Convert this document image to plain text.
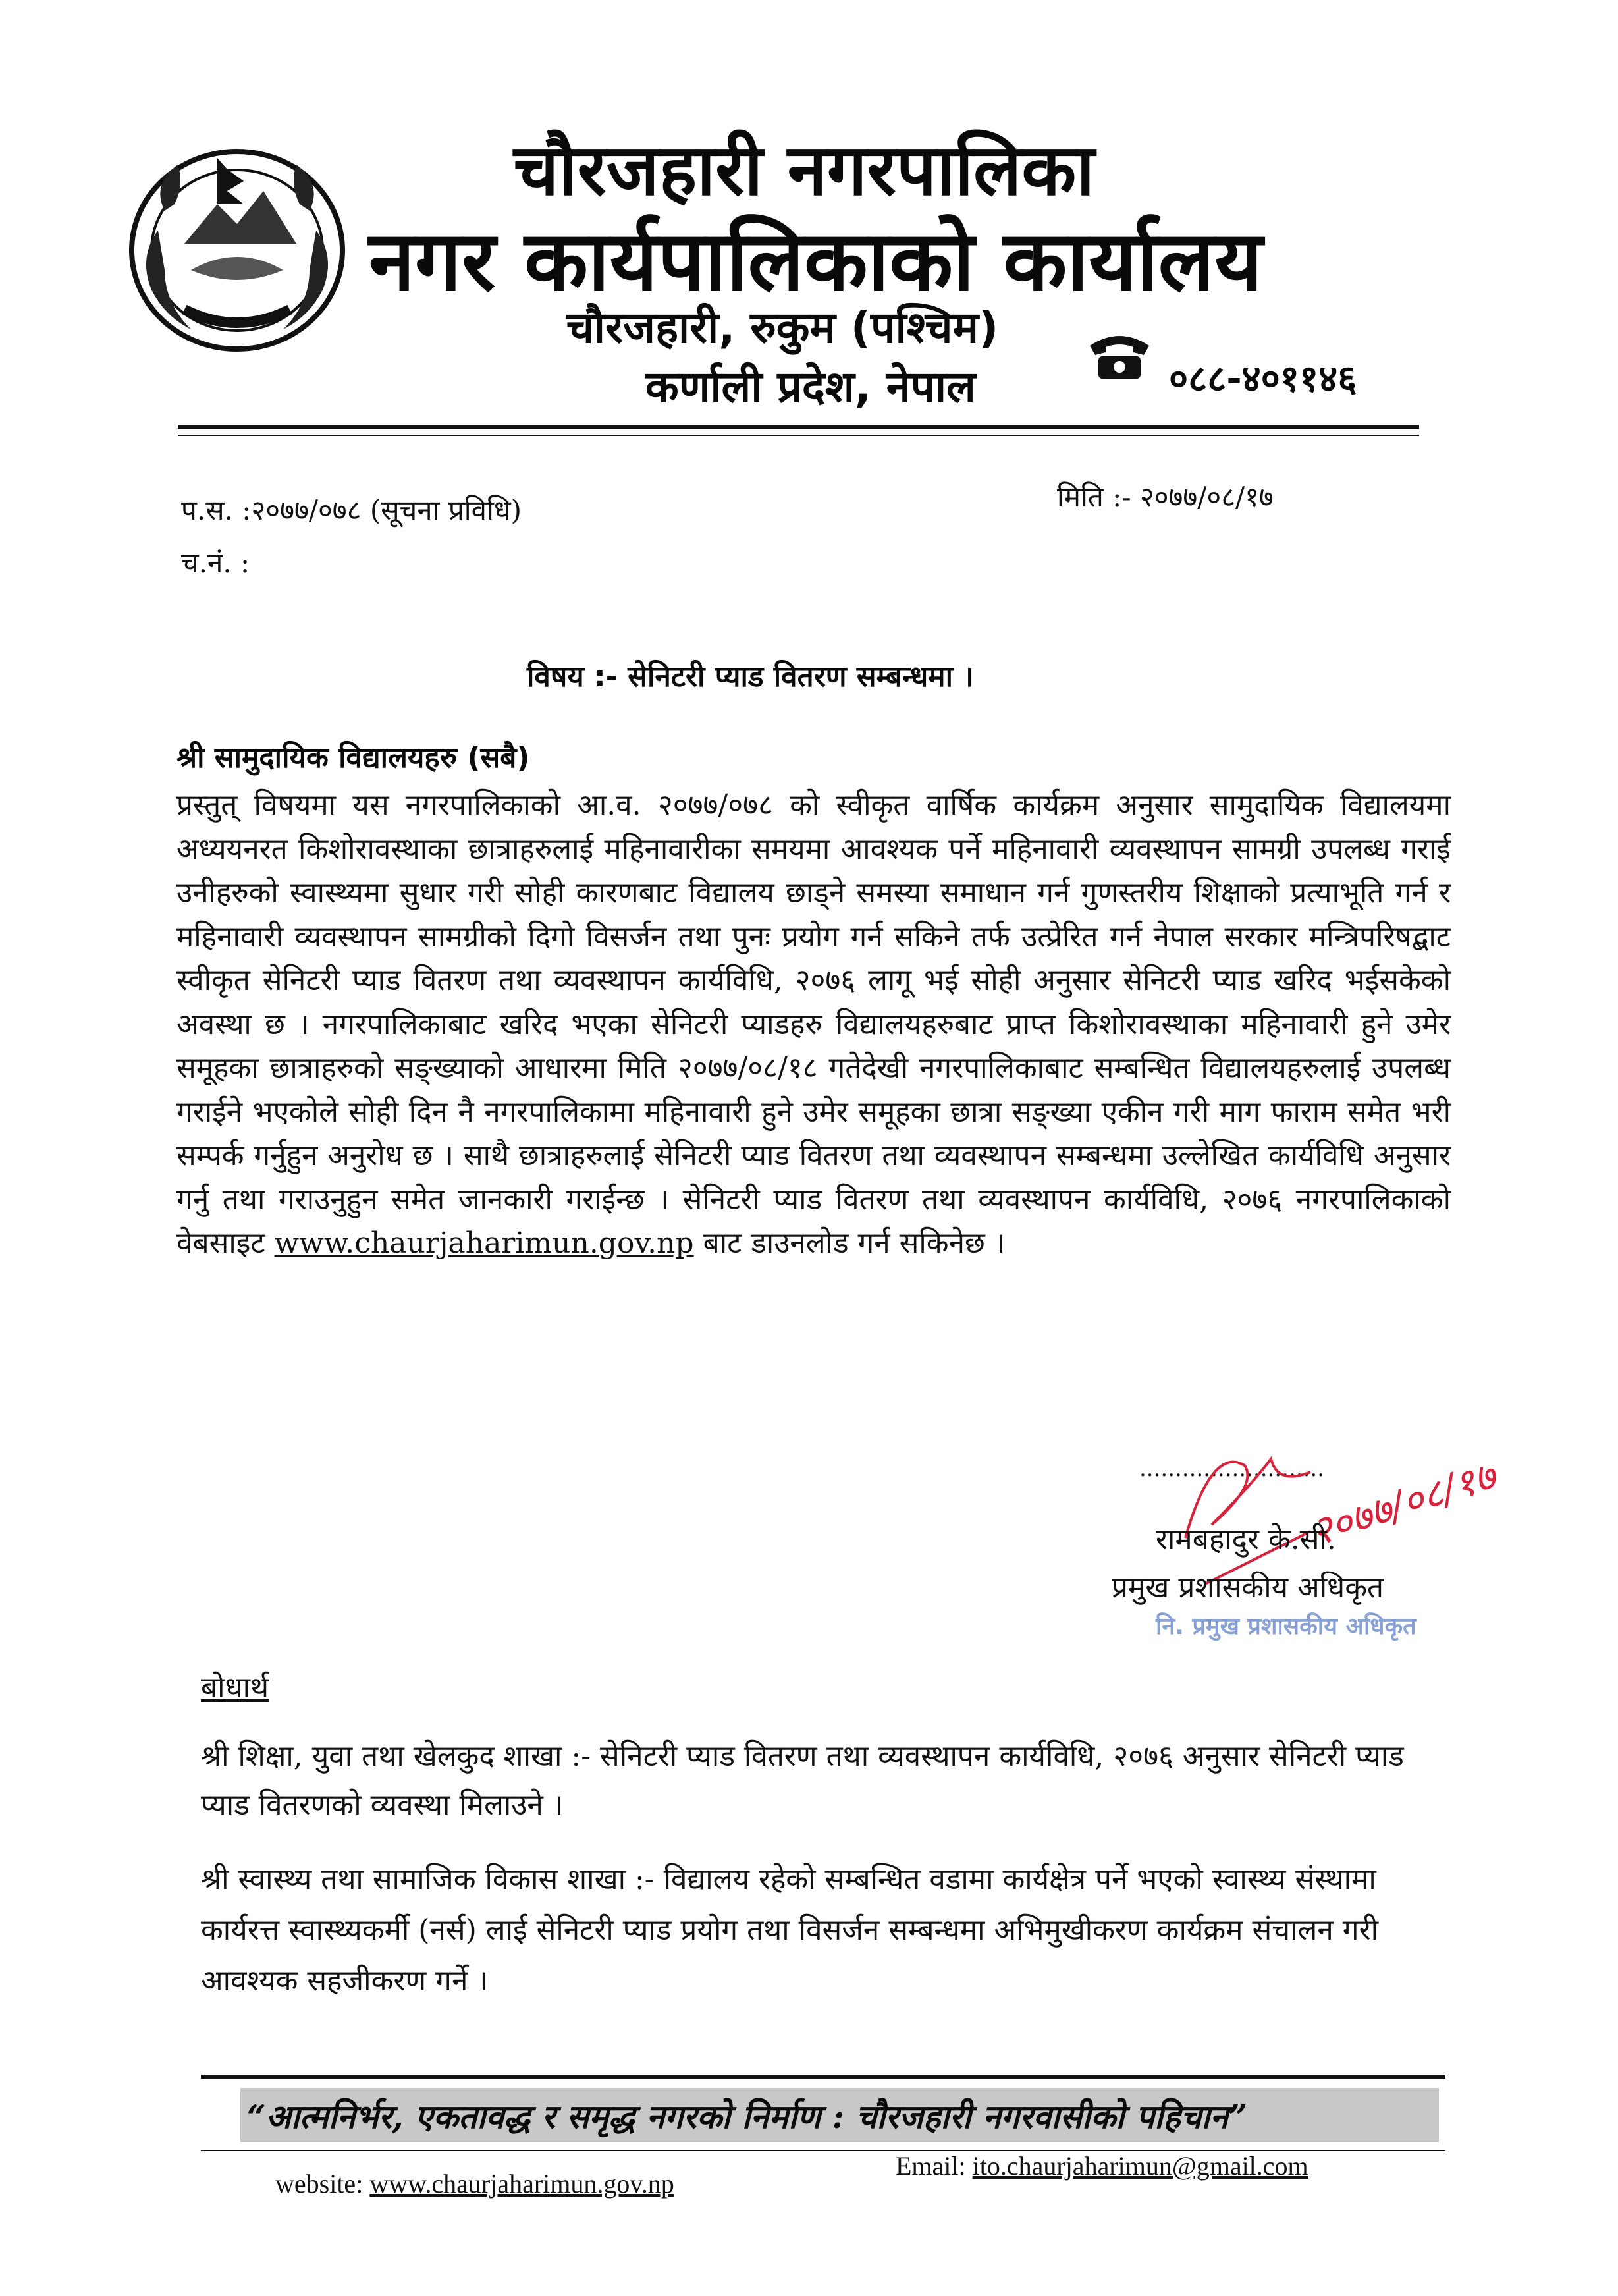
चौरजहारी नगरपालिका
नगर कार्यपालिकाको कार्यालय
चौरजहारी, रुकुम (पश्चिम)
कर्णाली प्रदेश, नेपाल	०८८-४०११४६
प.स. :२०७७/०७८ (सूचना प्रविधि)
च.नं. :
मिति :- २०७७/०८/१७
विषय :- सेनिटरी प्याड वितरण सम्बन्धमा ।
श्री सामुदायिक विद्यालयहरु (सबै)
प्रस्तुत् विषयमा यस नगरपालिकाको आ.व. २०७७/०७८ को स्वीकृत वार्षिक कार्यक्रम अनुसार सामुदायिक विद्यालयमा अध्ययनरत किशोरावस्थाका छात्राहरुलाई महिनावारीका समयमा आवश्यक पर्ने महिनावारी व्यवस्थापन सामग्री उपलब्ध गराई उनीहरुको स्वास्थ्यमा सुधार गरी सोही कारणबाट विद्यालय छाड्ने समस्या समाधान गर्न गुणस्तरीय शिक्षाको प्रत्याभूति गर्न र महिनावारी व्यवस्थापन सामग्रीको दिगो विसर्जन तथा पुनः प्रयोग गर्न सकिने तर्फ उत्प्रेरित गर्न नेपाल सरकार मन्त्रिपरिषद्बाट स्वीकृत सेनिटरी प्याड वितरण तथा व्यवस्थापन कार्यविधि, २०७६ लागू भई सोही अनुसार सेनिटरी प्याड खरिद भईसकेको अवस्था छ । नगरपालिकाबाट खरिद भएका सेनिटरी प्याडहरु विद्यालयहरुबाट प्राप्त किशोरावस्थाका महिनावारी हुने उमेर समूहका छात्राहरुको सङ्ख्याको आधारमा मिति २०७७/०८/१८ गतेदेखी नगरपालिकाबाट सम्बन्धित विद्यालयहरुलाई उपलब्ध गराईने भएकोले सोही दिन नै नगरपालिकामा महिनावारी हुने उमेर समूहका छात्रा सङ्ख्या एकीन गरी माग फाराम समेत भरी सम्पर्क गर्नुहुन अनुरोध छ । साथै छात्राहरुलाई सेनिटरी प्याड वितरण तथा व्यवस्थापन सम्बन्धमा उल्लेखित कार्यविधि अनुसार गर्नु तथा गराउनुहुन समेत जानकारी गराईन्छ । सेनिटरी प्याड वितरण तथा व्यवस्थापन कार्यविधि, २०७६ नगरपालिकाको वेबसाइट www.chaurjaharimun.gov.np बाट डाउनलोड गर्न सकिनेछ ।
..........................
२०७७/०८/१७
रामबहादुर के.सी.
प्रमुख प्रशासकीय अधिकृत
नि. प्रमुख प्रशासकीय अधिकृत
बोधार्थ
श्री शिक्षा, युवा तथा खेलकुद शाखा :- सेनिटरी प्याड वितरण तथा व्यवस्थापन कार्यविधि, २०७६ अनुसार सेनिटरी प्याड प्याड वितरणको व्यवस्था मिलाउने ।
श्री स्वास्थ्य तथा सामाजिक विकास शाखा :- विद्यालय रहेको सम्बन्धित वडामा कार्यक्षेत्र पर्ने भएको स्वास्थ्य संस्थामा कार्यरत्त स्वास्थ्यकर्मी (नर्स) लाई सेनिटरी प्याड प्रयोग तथा विसर्जन सम्बन्धमा अभिमुखीकरण कार्यक्रम संचालन गरी आवश्यक सहजीकरण गर्ने ।
“आत्मनिर्भर, एकतावद्ध र समृद्ध नगरको निर्माण : चौरजहारी नगरवासीको पहिचान”
website: www.chaurjaharimun.gov.np
Email: ito.chaurjaharimun@gmail.com
